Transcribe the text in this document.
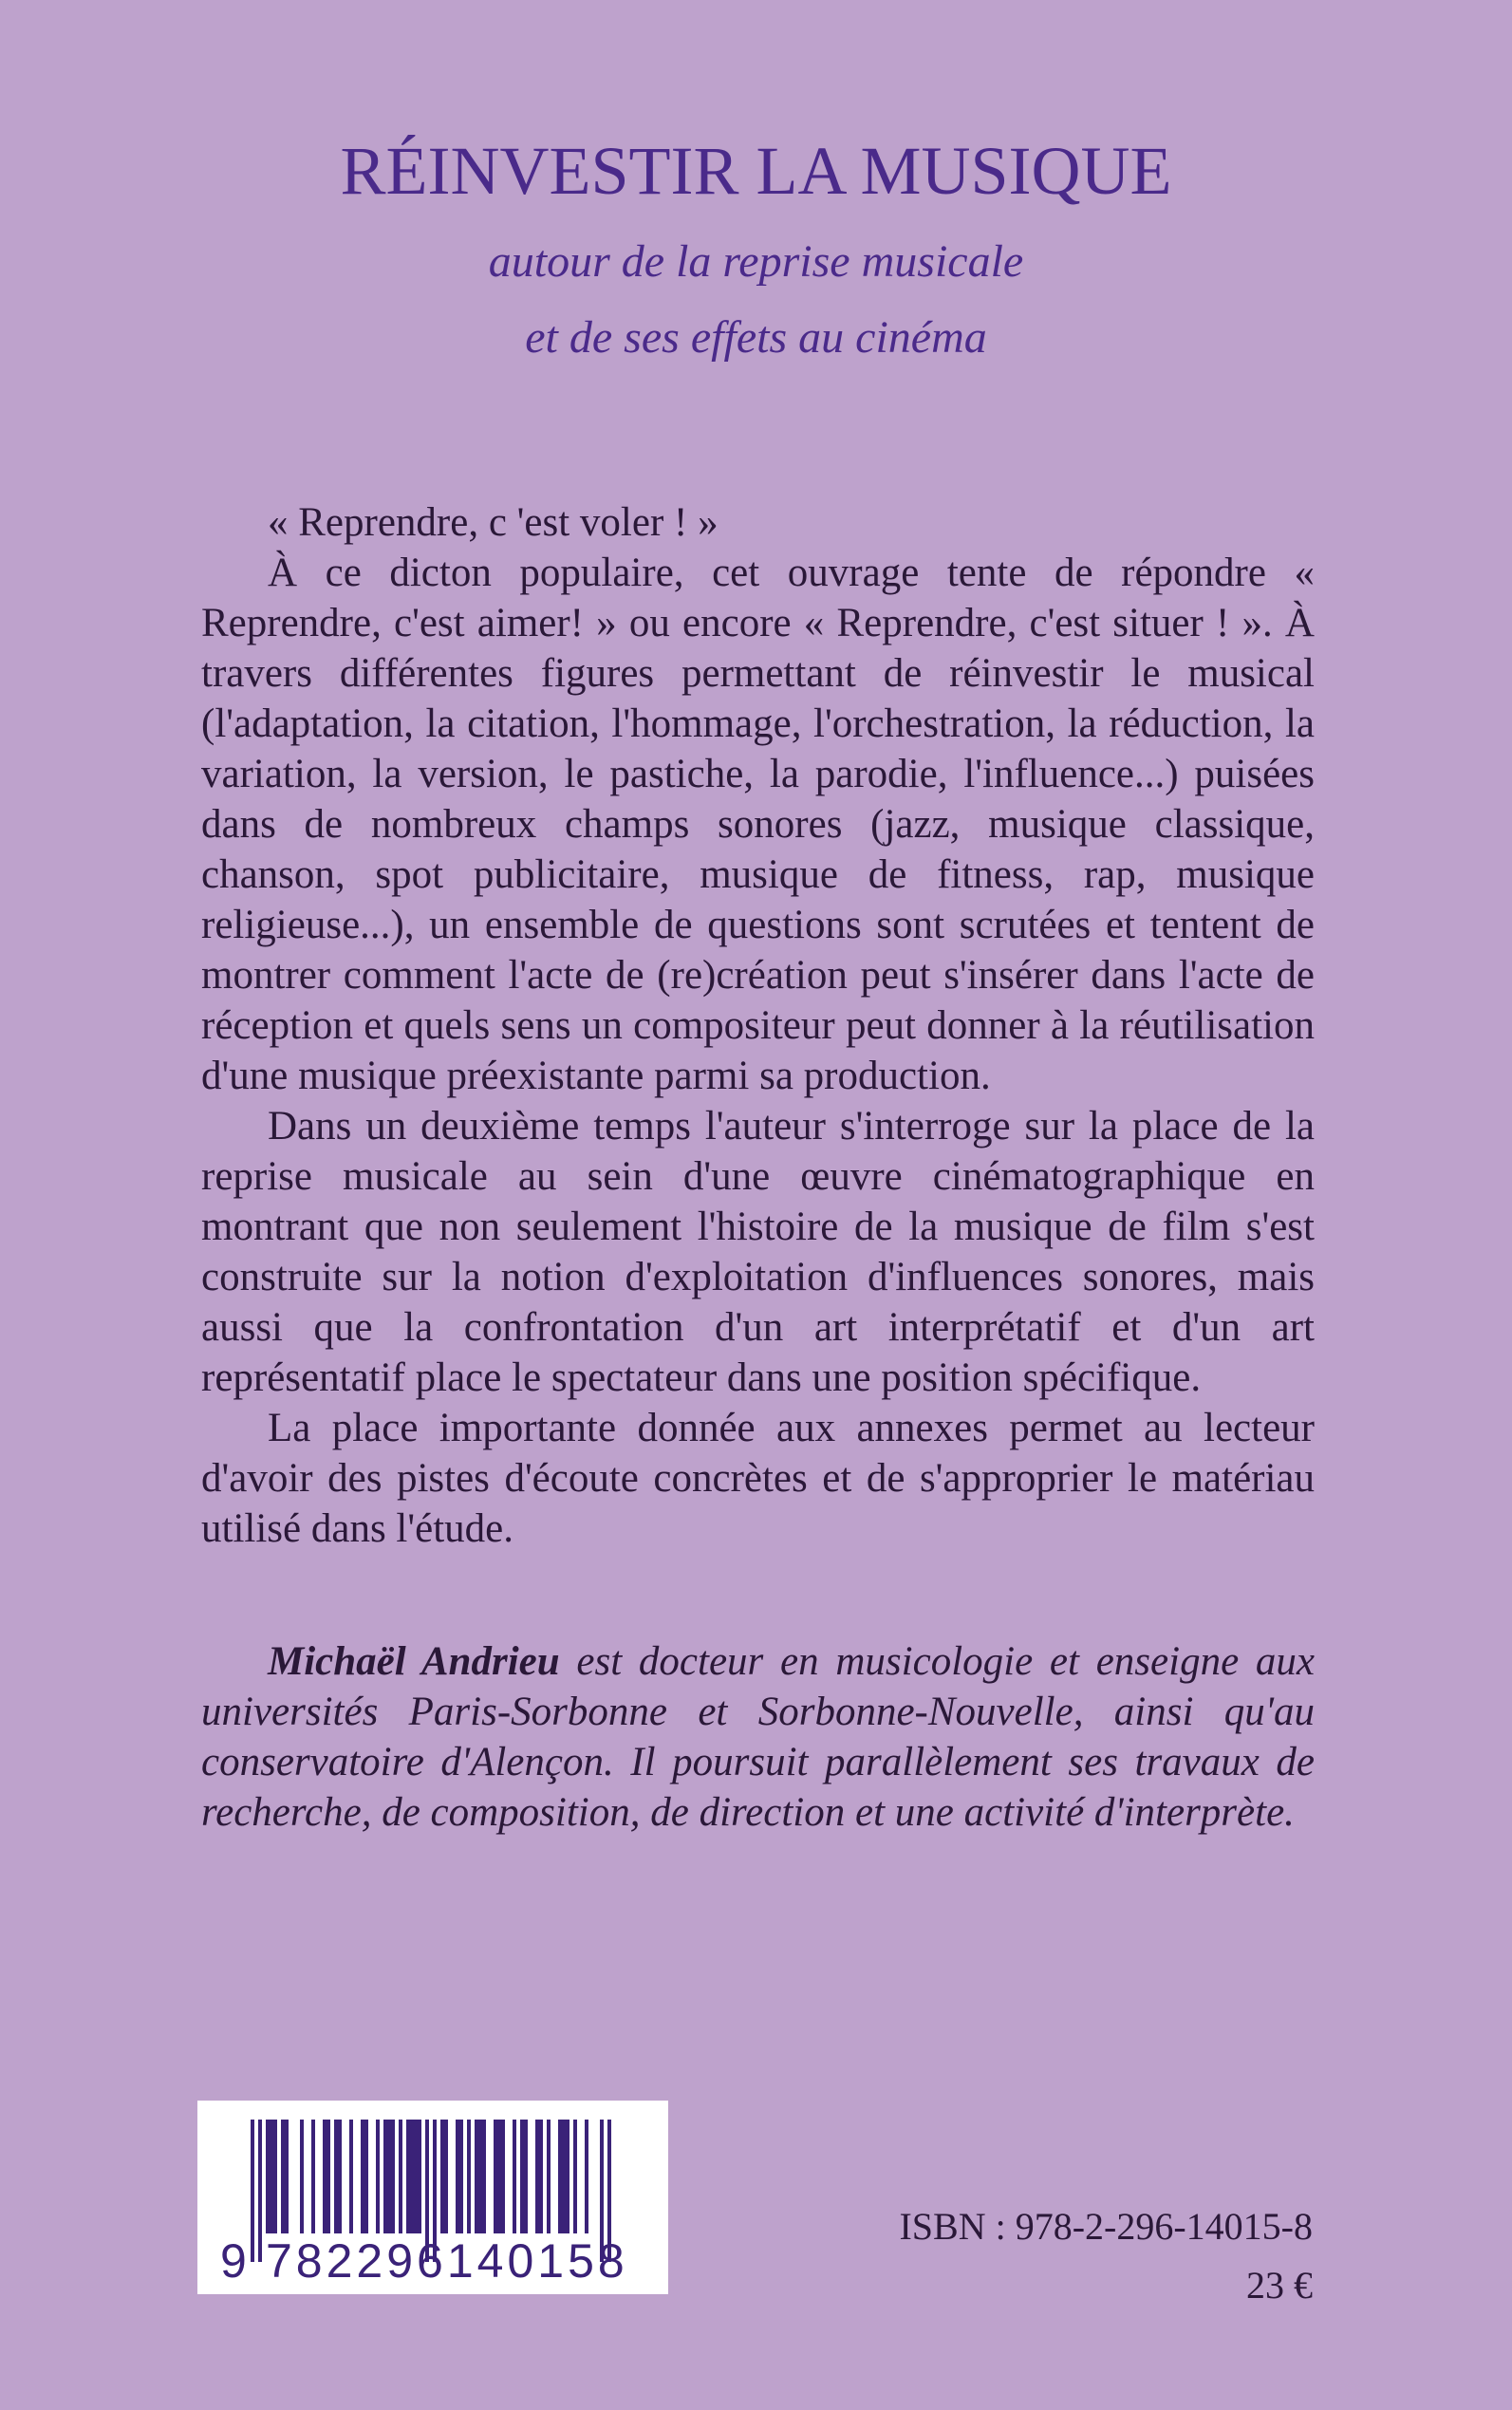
RÉINVESTIR LA MUSIQUE
autour de la reprise musicale
et de ses effets au cinéma

« Reprendre, c 'est voler ! »

À ce dicton populaire, cet ouvrage tente de répondre « Reprendre, c'est aimer! » ou encore « Reprendre, c'est situer ! ». À travers différentes figures permettant de réinvestir le musical (l'adaptation, la citation, l'hommage, l'orchestration, la réduction, la variation, la version, le pastiche, la parodie, l'influence...) puisées dans de nombreux champs sonores (jazz, musique classique, chanson, spot publicitaire, musique de fitness, rap, musique religieuse...), un ensemble de questions sont scrutées et tentent de montrer comment l'acte de (re)création peut s'insérer dans l'acte de réception et quels sens un compositeur peut donner à la réutilisation d'une musique préexistante parmi sa production.

Dans un deuxième temps l'auteur s'interroge sur la place de la reprise musicale au sein d'une œuvre cinématographique en montrant que non seulement l'histoire de la musique de film s'est construite sur la notion d'exploitation d'influences sonores, mais aussi que la confrontation d'un art interprétatif et d'un art représentatif place le spectateur dans une position spécifique.

La place importante donnée aux annexes permet au lecteur d'avoir des pistes d'écoute concrètes et de s'approprier le matériau utilisé dans l'étude.

Michaël Andrieu est docteur en musicologie et enseigne aux universités Paris-Sorbonne et Sorbonne-Nouvelle, ainsi qu'au conservatoire d'Alençon. Il poursuit parallèlement ses travaux de recherche, de composition, de direction et une activité d'interprète.

9 782296140158
ISBN : 978-2-296-14015-8
23 €
